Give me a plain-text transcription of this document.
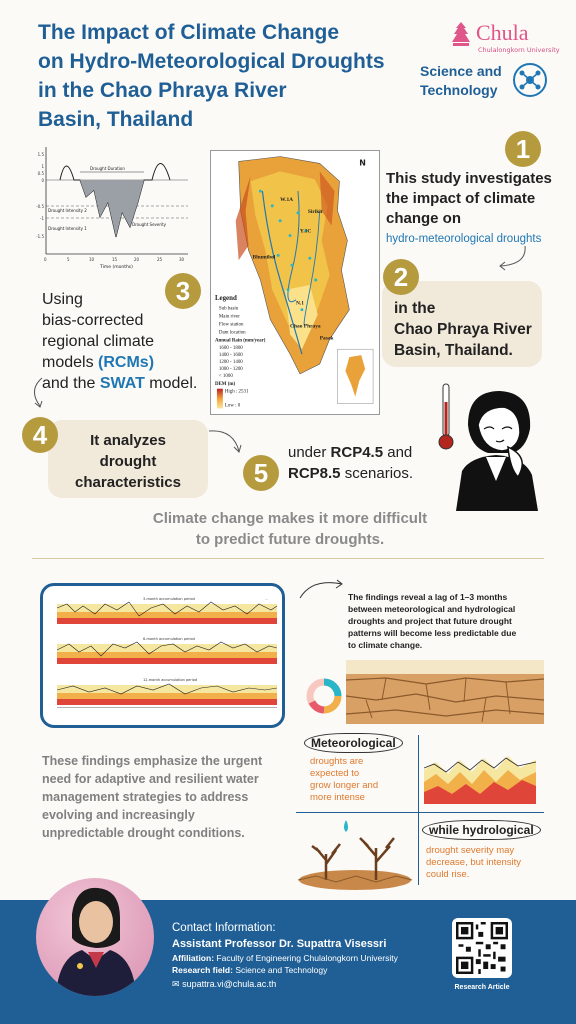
The Impact of Climate Change
on Hydro-Meteorological Droughts
in the Chao Phraya River
Basin, Thailand
Chula
Chulalongkorn University
Science and
Technology
Drought Duration
Drought Intensity 2
Drought Intensity 1
Drought Severity
0	5	10	15	20	25	30
1.5
1
0.5
0
-0.5
-1
-1.5
Time (months)
Bhumibol
Sirikit
Chao Phraya
Pasak
W.1A
Y.1C
N.1
N
Legend
Sub basin
Main river
Flow station
Dam location
Annual Rain (mm/year)
1600 - 1800
1400 - 1600
1200 - 1400
1000 - 1200
< 1000
DEM (m)
High : 2531
Low : 0
1
This study investigates
the impact of climate
change on
hydro-meteorological droughts
2
in the
Chao Phraya River
Basin, Thailand.
3
Using
bias-corrected
regional climate
models (RCMs)
and the SWAT model.
4	It analyzes
drought
characteristics	5
under RCP4.5 and
RCP8.5 scenarios.
Climate change makes it more difficult
to predict future droughts.
3-month accumulation period	—
6-month accumulation period
12-month accumulation period
The findings reveal a lag of 1–3 months
between meteorological and hydrological
droughts and project that future drought
patterns will become less predictable due
to climate change.
These findings emphasize the urgent
need for adaptive and resilient water
management strategies to address
evolving and increasingly
unpredictable drought conditions.
Meteorological
droughts are
expected to
grow longer and
more intense
while hydrological
drought severity may
decrease, but intensity
could rise.
Contact Information:
Assistant Professor Dr. Supattra Visessri
Affiliation: Faculty of Engineering Chulalongkorn University
Research field: Science and Technology
✉ supattra.vi@chula.ac.th	Research Article
